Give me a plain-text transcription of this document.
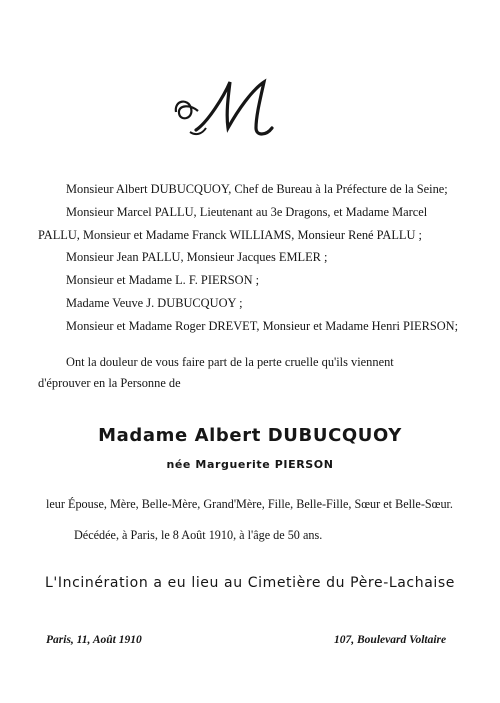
M
Monsieur Albert DUBUCQUOY, Chef de Bureau à la Préfecture de la Seine;
Monsieur Marcel PALLU, Lieutenant au 3e Dragons, et Madame Marcel
PALLU, Monsieur et Madame Franck WILLIAMS, Monsieur René PALLU ;
Monsieur Jean PALLU, Monsieur Jacques EMLER ;
Monsieur et Madame L. F. PIERSON ;
Madame Veuve J. DUBUCQUOY ;
Monsieur et Madame Roger DREVET, Monsieur et Madame Henri PIERSON;
Ont la douleur de vous faire part de la perte cruelle qu'ils viennent
d'éprouver en la Personne de
Madame Albert DUBUCQUOY
née Marguerite PIERSON
leur Épouse, Mère, Belle-Mère, Grand'Mère, Fille, Belle-Fille, Sœur et Belle-Sœur.
Décédée, à Paris, le 8 Août 1910, à l'âge de 50 ans.
L'Incinération a eu lieu au Cimetière du Père-Lachaise
Paris, 11, Août 1910	107, Boulevard Voltaire
